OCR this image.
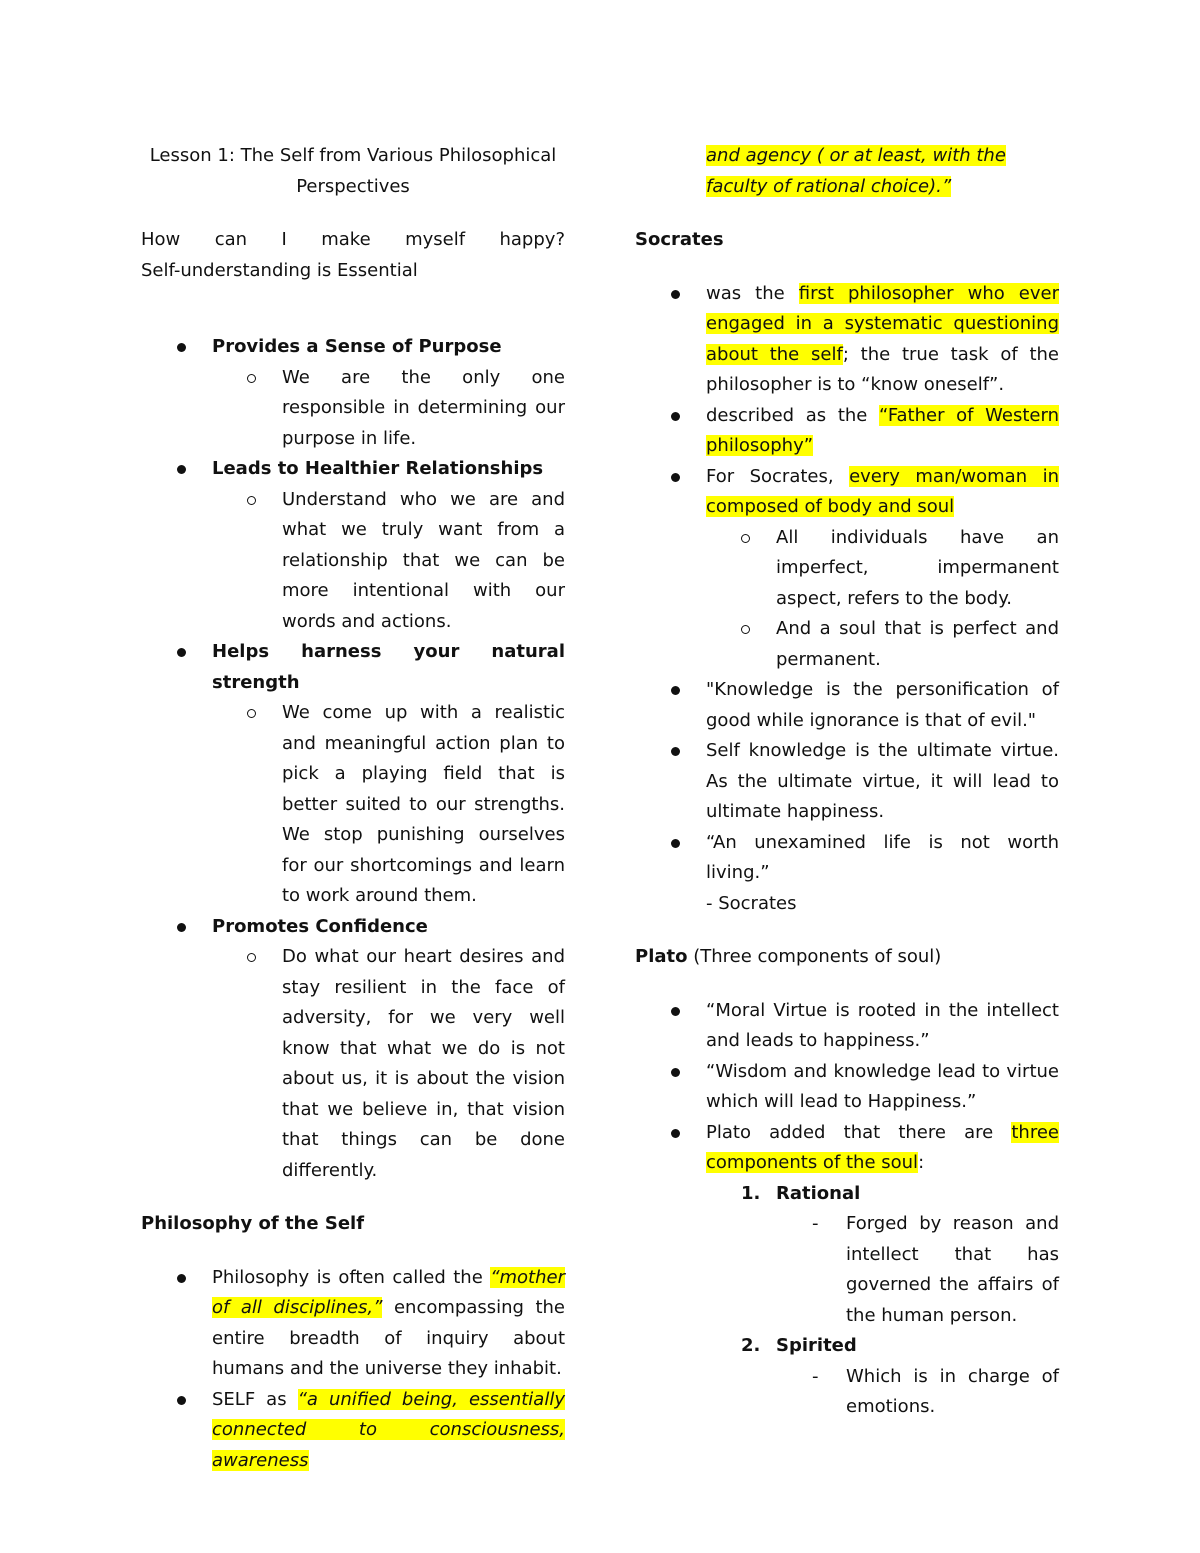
Lesson 1: The Self from Various Philosophical Perspectives
How can I make myself happy?
Self-understanding is Essential
Provides a Sense of Purpose
We are the only one responsible in determining our purpose in life.
Leads to Healthier Relationships
Understand who we are and what we truly want from a relationship that we can be more intentional with our words and actions.
Helps harness your natural strength
We come up with a realistic and meaningful action plan to pick a playing field that is better suited to our strengths. We stop punishing ourselves for our shortcomings and learn to work around them.
Promotes Confidence
Do what our heart desires and stay resilient in the face of adversity, for we very well know that what we do is not about us, it is about the vision that we believe in, that vision that things can be done differently.
Philosophy of the Self
Philosophy is often called the “mother of all disciplines,” encompassing the entire breadth of inquiry about humans and the universe they inhabit.
SELF as “a unified being, essentially connected to consciousness, awareness
and agency ( or at least, with the faculty of rational choice).”
Socrates
was the first philosopher who ever engaged in a systematic questioning about the self; the true task of the philosopher is to “know oneself”.
described as the “Father of Western philosophy”
For Socrates, every man/woman in composed of body and soul
All individuals have an imperfect, impermanent aspect, refers to the body.
And a soul that is perfect and permanent.
"Knowledge is the personification of good while ignorance is that of evil."
Self knowledge is the ultimate virtue. As the ultimate virtue, it will lead to ultimate happiness.
“An unexamined life is not worth living.”
- Socrates
Plato (Three components of soul)
“Moral Virtue is rooted in the intellect and leads to happiness.”
“Wisdom and knowledge lead to virtue which will lead to Happiness.”
Plato added that there are three components of the soul:
1. Rational
- Forged by reason and intellect that has governed the affairs of the human person.
2. Spirited
- Which is in charge of emotions.
